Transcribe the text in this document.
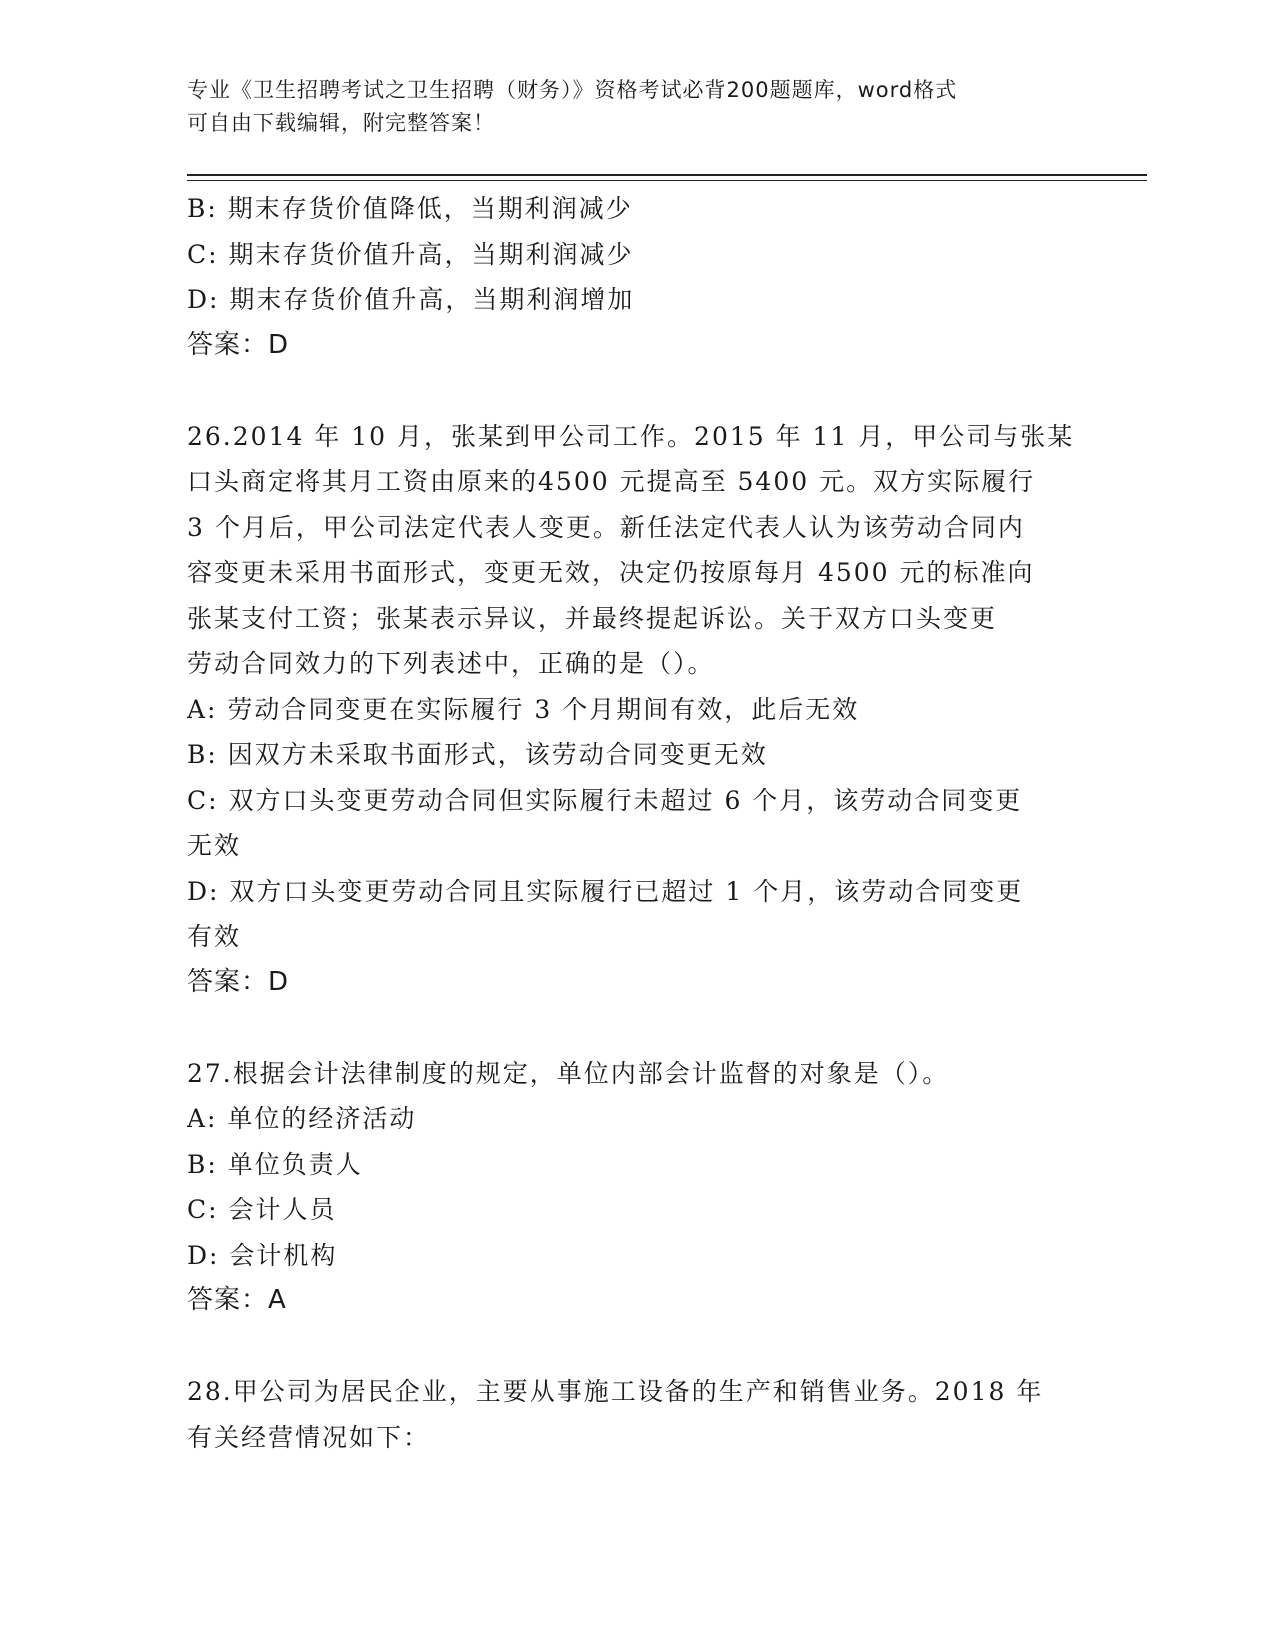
专业《卫生招聘考试之卫生招聘（财务）》资格考试必背200题题库，word格式
可自由下载编辑，附完整答案！
B: 期末存货价值降低，当期利润减少
C: 期末存货价值升高，当期利润减少
D: 期末存货价值升高，当期利润增加
答案：D
26.2014 年 10 月，张某到甲公司工作。2015 年 11 月，甲公司与张某
口头商定将其月工资由原来的4500 元提高至 5400 元。双方实际履行
3 个月后，甲公司法定代表人变更。新任法定代表人认为该劳动合同内
容变更未采用书面形式，变更无效，决定仍按原每月 4500 元的标准向
张某支付工资；张某表示异议，并最终提起诉讼。关于双方口头变更
劳动合同效力的下列表述中，正确的是（）。
A: 劳动合同变更在实际履行 3 个月期间有效，此后无效
B: 因双方未采取书面形式，该劳动合同变更无效
C: 双方口头变更劳动合同但实际履行未超过 6 个月，该劳动合同变更
无效
D: 双方口头变更劳动合同且实际履行已超过 1 个月，该劳动合同变更
有效
答案：D
27.根据会计法律制度的规定，单位内部会计监督的对象是（）。
A: 单位的经济活动
B: 单位负责人
C: 会计人员
D: 会计机构
答案：A
28.甲公司为居民企业，主要从事施工设备的生产和销售业务。2018 年
有关经营情况如下：
